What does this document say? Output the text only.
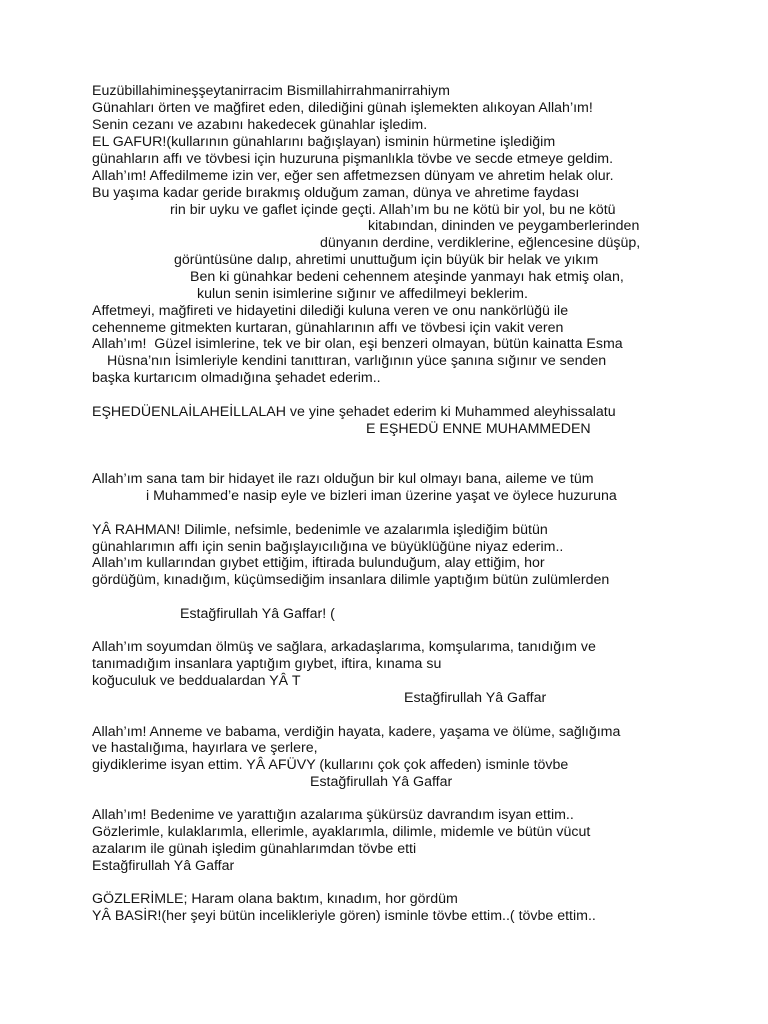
Euzübillahimineşşeytanirracim Bismillahirrahmanirrahiym
Günahları örten ve mağfiret eden, dilediğini günah işlemekten alıkoyan Allah’ım!
Senin cezanı ve azabını hakedecek günahlar işledim.
EL GAFUR!(kullarının günahlarını bağışlayan) isminin hürmetine işlediğim
günahların affı ve tövbesi için huzuruna pişmanlıkla tövbe ve secde etmeye geldim.
Allah’ım! Affedilmeme izin ver, eğer sen affetmezsen dünyam ve ahretim helak olur.
Bu yaşıma kadar geride bırakmış olduğum zaman, dünya ve ahretime faydası
rin bir uyku ve gaflet içinde geçti. Allah’ım bu ne kötü bir yol, bu ne kötü
kitabından, dininden ve peygamberlerinden
dünyanın derdine, verdiklerine, eğlencesine düşüp,
görüntüsüne dalıp, ahretimi unuttuğum için büyük bir helak ve yıkım
Ben ki günahkar bedeni cehennem ateşinde yanmayı hak etmiş olan,
kulun senin isimlerine sığınır ve affedilmeyi beklerim.
Affetmeyi, mağfireti ve hidayetini dilediği kuluna veren ve onu nankörlüğü ile
cehenneme gitmekten kurtaran, günahlarının affı ve tövbesi için vakit veren
Allah’ım!  Güzel isimlerine, tek ve bir olan, eşi benzeri olmayan, bütün kainatta Esma
Hüsna’nın İsimleriyle kendini tanıttıran, varlığının yüce şanına sığınır ve senden
başka kurtarıcım olmadığına şehadet ederim..
EŞHEDÜENLAİLAHEİLLALAH ve yine şehadet ederim ki Muhammed aleyhissalatu
E EŞHEDÜ ENNE MUHAMMEDEN
Allah’ım sana tam bir hidayet ile razı olduğun bir kul olmayı bana, aileme ve tüm
i Muhammed’e nasip eyle ve bizleri iman üzerine yaşat ve öylece huzuruna
YÂ RAHMAN! Dilimle, nefsimle, bedenimle ve azalarımla işlediğim bütün
günahlarımın affı için senin bağışlayıcılığına ve büyüklüğüne niyaz ederim..
Allah’ım kullarından gıybet ettiğim, iftirada bulunduğum, alay ettiğim, hor
gördüğüm, kınadığım, küçümsediğim insanlara dilimle yaptığım bütün zulümlerden
Estağfirullah Yâ Gaffar! (
Allah’ım soyumdan ölmüş ve sağlara, arkadaşlarıma, komşularıma, tanıdığım ve
tanımadığım insanlara yaptığım gıybet, iftira, kınama su
koğuculuk ve beddualardan YÂ T
Estağfirullah Yâ Gaffar
Allah’ım! Anneme ve babama, verdiğin hayata, kadere, yaşama ve ölüme, sağlığıma
ve hastalığıma, hayırlara ve şerlere,
giydiklerime isyan ettim. YÂ AFÜVY (kullarını çok çok affeden) isminle tövbe
Estağfirullah Yâ Gaffar
Allah’ım! Bedenime ve yarattığın azalarıma şükürsüz davrandım isyan ettim..
Gözlerimle, kulaklarımla, ellerimle, ayaklarımla, dilimle, midemle ve bütün vücut
azalarım ile günah işledim günahlarımdan tövbe etti
Estağfirullah Yâ Gaffar
GÖZLERİMLE; Haram olana baktım, kınadım, hor gördüm
YÂ BASİR!(her şeyi bütün incelikleriyle gören) isminle tövbe ettim..( tövbe ettim..
